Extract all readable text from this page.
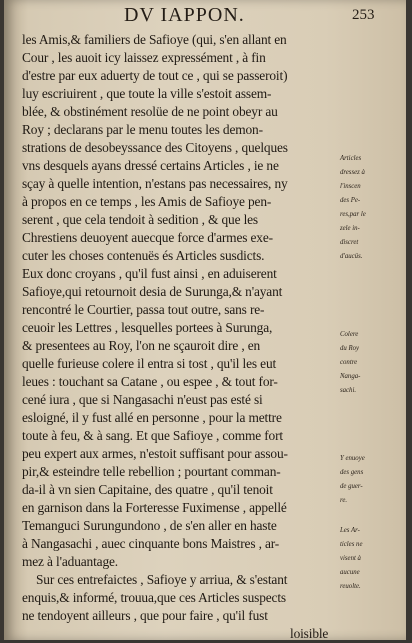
DV IAPPON.	253
les Amis,& familiers de Safioye (qui, s'en allant en
Cour , les auoit icy laissez expressément , à fin
d'estre par eux aduerty de tout ce , qui se passeroit)
luy escriuirent , que toute la ville s'estoit assem-
blée, & obstinément resolüe de ne point obeyr au
Roy ; declarans par le menu toutes les demon-
strations de desobeyssance des Citoyens , quelques
vns desquels ayans dressé certains Articles , ie ne
sçay à quelle intention, n'estans pas necessaires, ny
à propos en ce temps , les Amis de Safioye pen-
serent , que cela tendoit à sedition , & que les
Chrestiens deuoyent auecque force d'armes exe-
cuter les choses contenuës és Articles susdicts.
Eux donc croyans , qu'il fust ainsi , en aduiserent
Safioye,qui retournoit desia de Surunga,& n'ayant
rencontré le Courtier, passa tout outre, sans re-
ceuoir les Lettres , lesquelles portees à Surunga,
& presentees au Roy, l'on ne sçauroit dire , en
quelle furieuse colere il entra si tost , qu'il les eut
leues : touchant sa Catane , ou espee , & tout for-
cené iura , que si Nangasachi n'eust pas esté si
esloigné, il y fust allé en personne , pour la mettre
toute à feu, & à sang. Et que Safioye , comme fort
peu expert aux armes, n'estoit suffisant pour assou-
pir,& esteindre telle rebellion ; pourtant comman-
da-il à vn sien Capitaine, des quatre , qu'il tenoit
en garnison dans la Forteresse Fuximense , appellé
Temanguci Surungundono , de s'en aller en haste
à Nangasachi , auec cinquante bons Maistres , ar-
mez à l'aduantage.
Sur ces entrefaictes , Safioye y arriua, & s'estant
enquis,& informé, trouua,que ces Articles suspects
ne tendoyent ailleurs , que pour faire , qu'il fust
loisible
Articles
dressez à
l'inscen
des Pe-
res,par le
zele in-
discret
d'aucüs.
Colere
du Roy
contre
Nanga-
sachi.
Y enuoye
des gens
de guer-
re.
Les Ar-
ticles ne
visent à
aucune
reuolte.
